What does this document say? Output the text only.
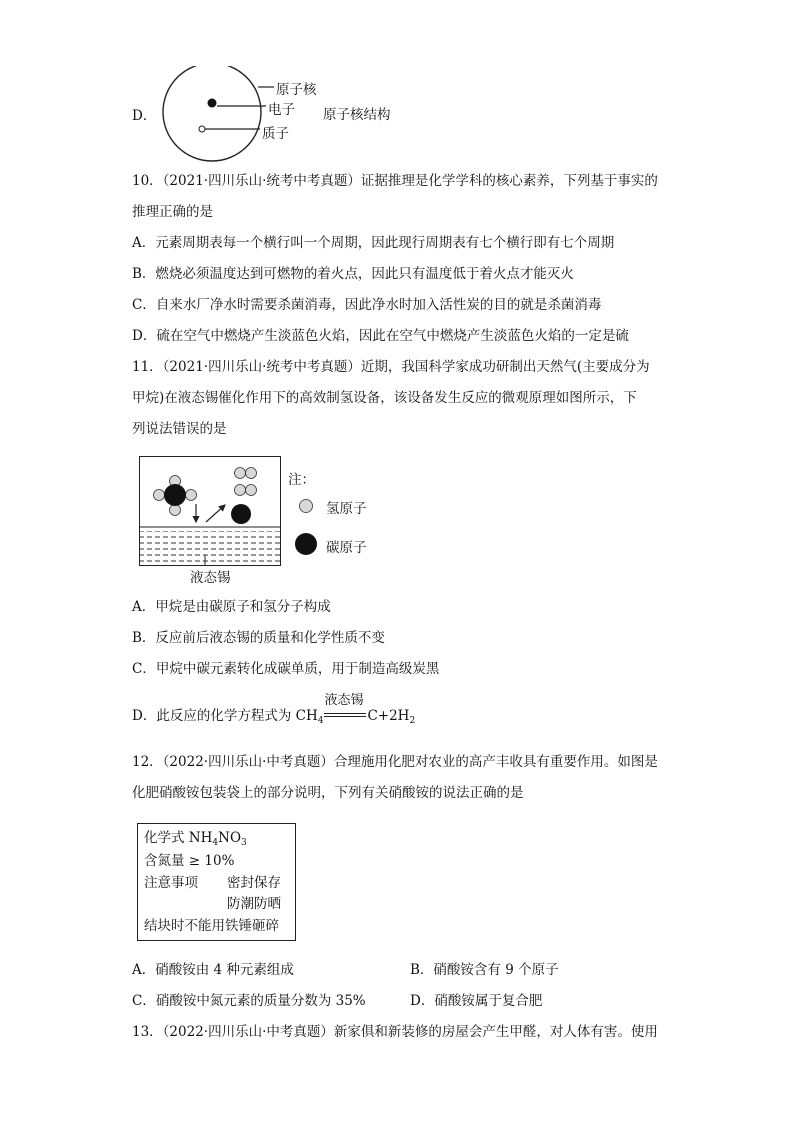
D．
原子核
电子
质子
原子核结构
10．（2021·四川乐山·统考中考真题）证据推理是化学学科的核心素养，下列基于事实的
推理正确的是
A．元素周期表每一个横行叫一个周期，因此现行周期表有七个横行即有七个周期
B．燃烧必须温度达到可燃物的着火点，因此只有温度低于着火点才能灭火
C．自来水厂净水时需要杀菌消毒，因此净水时加入活性炭的目的就是杀菌消毒
D．硫在空气中燃烧产生淡蓝色火焰，因此在空气中燃烧产生淡蓝色火焰的一定是硫
11．（2021·四川乐山·统考中考真题）近期，我国科学家成功研制出天然气(主要成分为
甲烷)在液态锡催化作用下的高效制氢设备，该设备发生反应的微观原理如图所示，下
列说法错误的是
液态锡
注：
氢原子
碳原子
A．甲烷是由碳原子和氢分子构成
B．反应前后液态锡的质量和化学性质不变
C．甲烷中碳元素转化成碳单质，用于制造高级炭黑
D．此反应的化学方程式为 $CH_4$
液态锡
$C+2H_2$
12．（2022·四川乐山·中考真题）合理施用化肥对农业的高产丰收具有重要作用。如图是
化肥硝酸铵包装袋上的部分说明，下列有关硝酸铵的说法正确的是
化学式 $NH_4NO_3$
含氮量 ≥ 10%
注意事项 密封保存
防潮防晒
结块时不能用铁锤砸碎
A．硝酸铵由 4 种元素组成	B．硝酸铵含有 9 个原子
C．硝酸铵中氮元素的质量分数为 35%	D．硝酸铵属于复合肥
13．（2022·四川乐山·中考真题）新家俱和新装修的房屋会产生甲醛，对人体有害。使用
